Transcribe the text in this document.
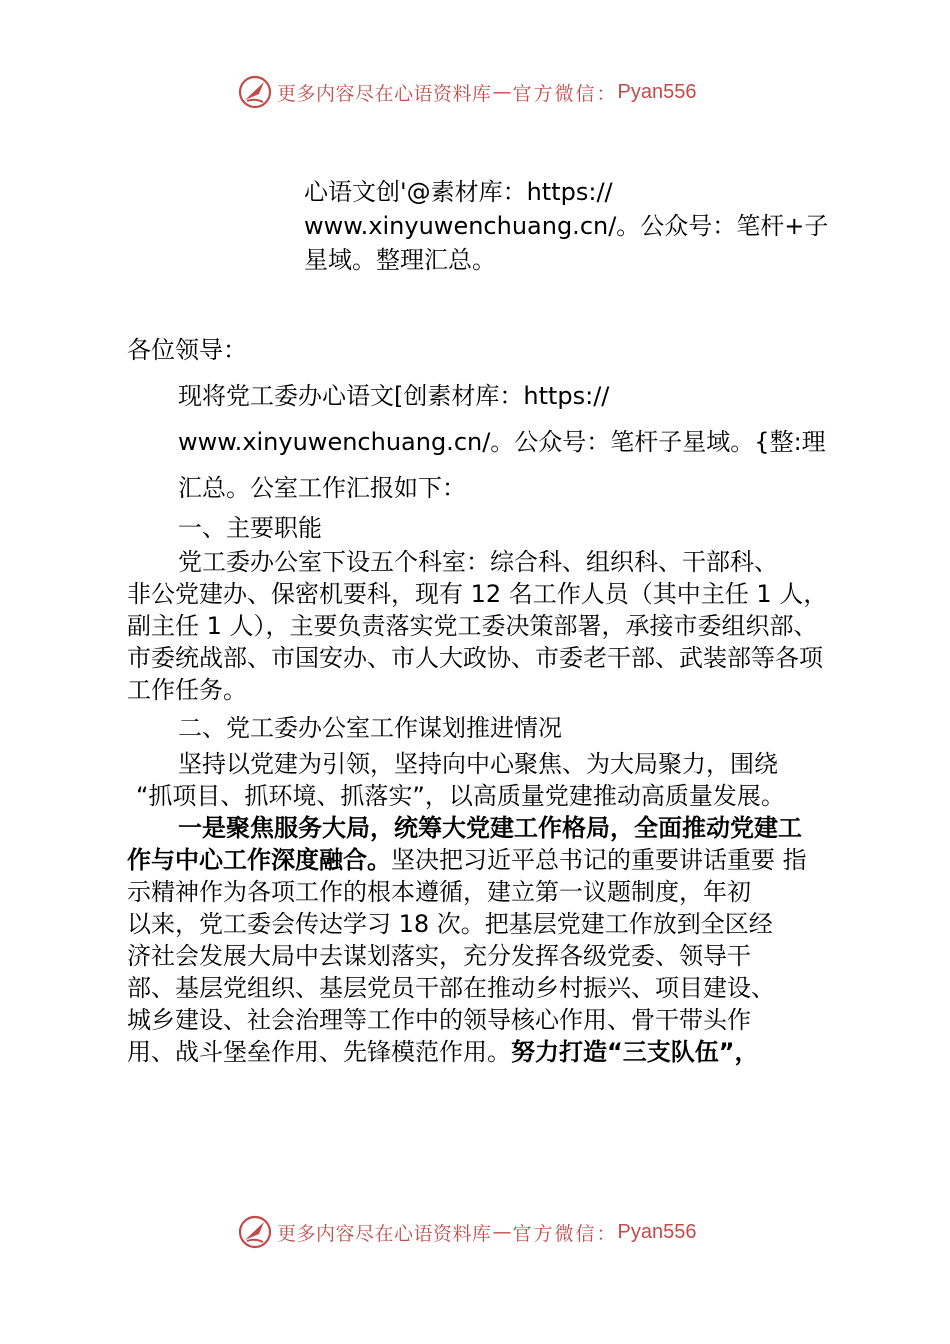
更多内容尽在心语资料库 — 官方微信： Pyan556
心语文创'@素材库：https://
www.xinyuwenchuang.cn/。公众号：笔杆+子
星域。整理汇总。
各位领导：
现将党工委办心语文[创素材库：https://
www.xinyuwenchuang.cn/。公众号：笔杆子星域。{整:理
汇总。公室工作汇报如下：
一、主要职能
党工委办公室下设五个科室：综合科、组织科、干部科、
非公党建办、保密机要科，现有 12 名工作人员（其中主任 1 人，
副主任 1 人），主要负责落实党工委决策部署，承接市委组织部、
市委统战部、市国安办、市人大政协、市委老干部、武装部等各项
工作任务。
二、党工委办公室工作谋划推进情况
坚持以党建为引领，坚持向中心聚焦、为大局聚力，围绕
“抓项目、抓环境、抓落实”，以高质量党建推动高质量发展。
一是聚焦服务大局，统筹大党建工作格局，全面推动党建工
作与中心工作深度融合。坚决把习近平总书记的重要讲话重要 指
示精神作为各项工作的根本遵循，建立第一议题制度，年初
以来，党工委会传达学习 18 次。把基层党建工作放到全区经
济社会发展大局中去谋划落实，充分发挥各级党委、领导干
部、基层党组织、基层党员干部在推动乡村振兴、项目建设、
城乡建设、社会治理等工作中的领导核心作用、骨干带头作
用、战斗堡垒作用、先锋模范作用。努力打造“三支队伍”，
更多内容尽在心语资料库 — 官方微信： Pyan556
